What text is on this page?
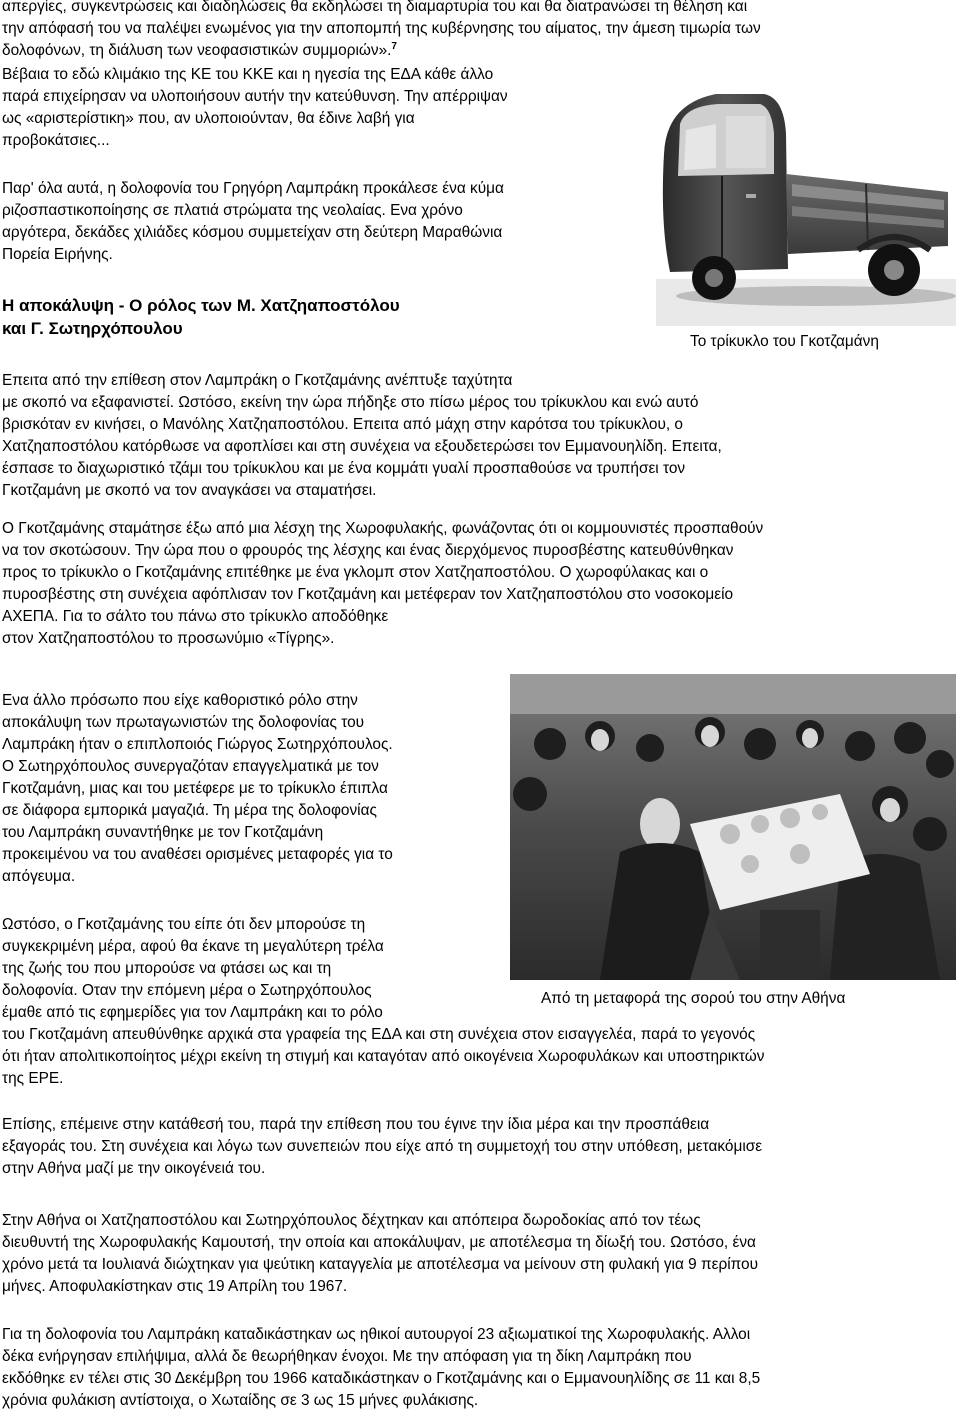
απεργίες, συγκεντρώσεις και διαδηλώσεις θα εκδηλώσει τη διαμαρτυρία του και θα διατρανώσει τη θέληση και
την απόφασή του να παλέψει ενωμένος για την αποπομπή της κυβέρνησης του αίματος, την άμεση τιμωρία των
δολοφόνων, τη διάλυση των νεοφασιστικών συμμοριών».$^7$
Βέβαια το εδώ κλιμάκιο της ΚΕ του ΚΚΕ και η ηγεσία της ΕΔΑ κάθε άλλο
παρά επιχείρησαν να υλοποιήσουν αυτήν την κατεύθυνση. Την απέρριψαν
ως «αριστερίστικη» που, αν υλοποιούνταν, θα έδινε λαβή για
προβοκάτσιες...
Παρ' όλα αυτά, η δολοφονία του Γρηγόρη Λαμπράκη προκάλεσε ένα κύμα
ριζοσπαστικοποίησης σε πλατιά στρώματα της νεολαίας. Ενα χρόνο
αργότερα, δεκάδες χιλιάδες κόσμου συμμετείχαν στη δεύτερη Μαραθώνια
Πορεία Ειρήνης.
Η αποκάλυψη - Ο ρόλος των Μ. Χατζηαποστόλου
και Γ. Σωτηρχόπουλου
Το τρίκυκλο του Γκοτζαμάνη
Επειτα από την επίθεση στον Λαμπράκη ο Γκοτζαμάνης ανέπτυξε ταχύτητα
με σκοπό να εξαφανιστεί. Ωστόσο, εκείνη την ώρα πήδηξε στο πίσω μέρος του τρίκυκλου και ενώ αυτό
βρισκόταν εν κινήσει, ο Μανόλης Χατζηαποστόλου. Επειτα από μάχη στην καρότσα του τρίκυκλου, ο
Χατζηαποστόλου κατόρθωσε να αφοπλίσει και στη συνέχεια να εξουδετερώσει τον Εμμανουηλίδη. Επειτα,
έσπασε το διαχωριστικό τζάμι του τρίκυκλου και με ένα κομμάτι γυαλί προσπαθούσε να τρυπήσει τον
Γκοτζαμάνη με σκοπό να τον αναγκάσει να σταματήσει.
Ο Γκοτζαμάνης σταμάτησε έξω από μια λέσχη της Χωροφυλακής, φωνάζοντας ότι οι κομμουνιστές προσπαθούν
να τον σκοτώσουν. Την ώρα που ο φρουρός της λέσχης και ένας διερχόμενος πυροσβέστης κατευθύνθηκαν
προς το τρίκυκλο ο Γκοτζαμάνης επιτέθηκε με ένα γκλομπ στον Χατζηαποστόλου. Ο χωροφύλακας και ο
πυροσβέστης στη συνέχεια αφόπλισαν τον Γκοτζαμάνη και μετέφεραν τον Χατζηαποστόλου στο νοσοκομείο
ΑΧΕΠΑ. Για το σάλτο του πάνω στο τρίκυκλο αποδόθηκε
στον Χατζηαποστόλου το προσωνύμιο «Τίγρης».
Ενα άλλο πρόσωπο που είχε καθοριστικό ρόλο στην
αποκάλυψη των πρωταγωνιστών της δολοφονίας του
Λαμπράκη ήταν ο επιπλοποιός Γιώργος Σωτηρχόπουλος.
Ο Σωτηρχόπουλος συνεργαζόταν επαγγελματικά με τον
Γκοτζαμάνη, μιας και του μετέφερε με το τρίκυκλο έπιπλα
σε διάφορα εμπορικά μαγαζιά. Τη μέρα της δολοφονίας
του Λαμπράκη συναντήθηκε με τον Γκοτζαμάνη
προκειμένου να του αναθέσει ορισμένες μεταφορές για το
απόγευμα.
Ωστόσο, ο Γκοτζαμάνης του είπε ότι δεν μπορούσε τη
συγκεκριμένη μέρα, αφού θα έκανε τη μεγαλύτερη τρέλα
της ζωής του που μπορούσε να φτάσει ως και τη
δολοφονία. Οταν την επόμενη μέρα ο Σωτηρχόπουλος
έμαθε από τις εφημερίδες για τον Λαμπράκη και το ρόλο
του Γκοτζαμάνη απευθύνθηκε αρχικά στα γραφεία της ΕΔΑ και στη συνέχεια στον εισαγγελέα, παρά το γεγονός
ότι ήταν απολιτικοποίητος μέχρι εκείνη τη στιγμή και καταγόταν από οικογένεια Χωροφυλάκων και υποστηρικτών
της ΕΡΕ.
Από τη μεταφορά της σορού του στην Αθήνα
Επίσης, επέμεινε στην κατάθεσή του, παρά την επίθεση που του έγινε την ίδια μέρα και την προσπάθεια
εξαγοράς του. Στη συνέχεια και λόγω των συνεπειών που είχε από τη συμμετοχή του στην υπόθεση, μετακόμισε
στην Αθήνα μαζί με την οικογένειά του.
Στην Αθήνα οι Χατζηαποστόλου και Σωτηρχόπουλος δέχτηκαν και απόπειρα δωροδοκίας από τον τέως
διευθυντή της Χωροφυλακής Καμουτσή, την οποία και αποκάλυψαν, με αποτέλεσμα τη δίωξή του. Ωστόσο, ένα
χρόνο μετά τα Ιουλιανά διώχτηκαν για ψεύτικη καταγγελία με αποτέλεσμα να μείνουν στη φυλακή για 9 περίπου
μήνες. Αποφυλακίστηκαν στις 19 Απρίλη του 1967.
Για τη δολοφονία του Λαμπράκη καταδικάστηκαν ως ηθικοί αυτουργοί 23 αξιωματικοί της Χωροφυλακής. Αλλοι
δέκα ενήργησαν επιλήψιμα, αλλά δε θεωρήθηκαν ένοχοι. Με την απόφαση για τη δίκη Λαμπράκη που
εκδόθηκε εν τέλει στις 30 Δεκέμβρη του 1966 καταδικάστηκαν ο Γκοτζαμάνης και ο Εμμανουηλίδης σε 11 και 8,5
χρόνια φυλάκιση αντίστοιχα, ο Χωταίδης σε 3 ως 15 μήνες φυλάκισης.
